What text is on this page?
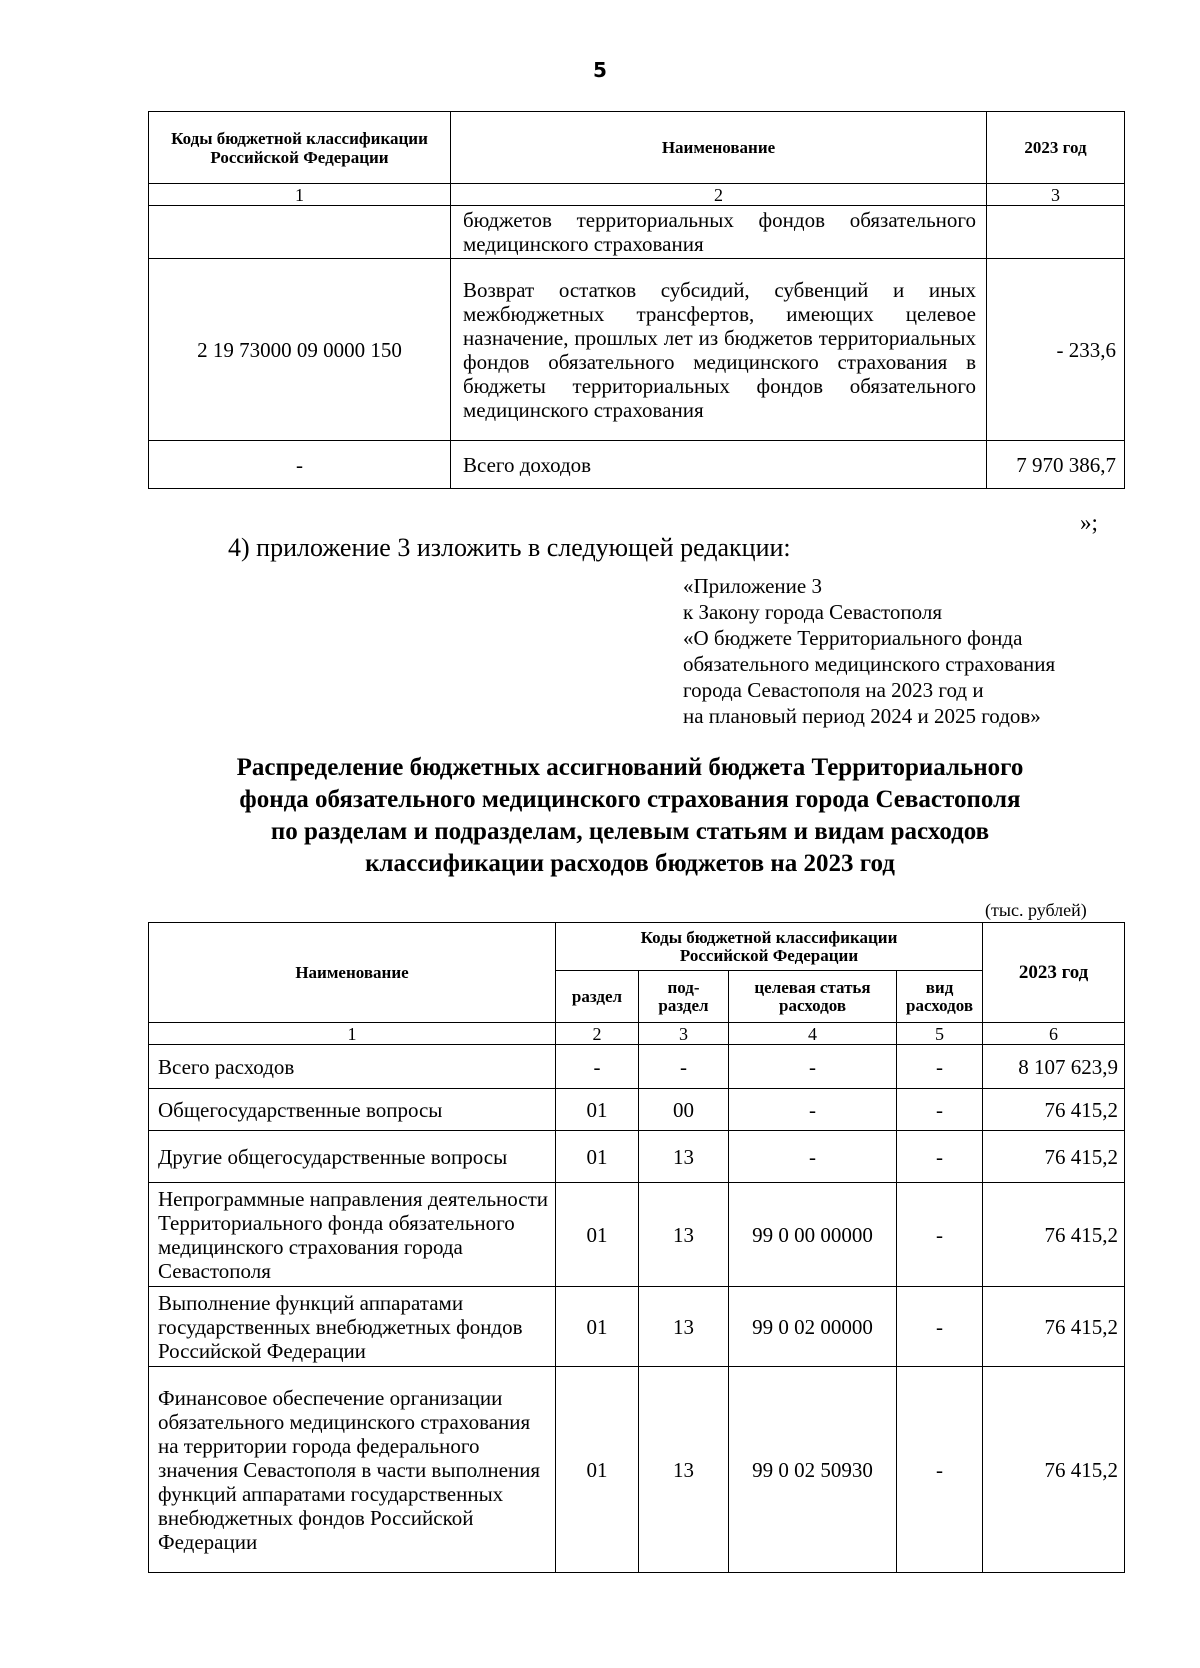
5
Коды бюджетной классификации Российской Федерации	Наименование	2023 год
1	2	3
	бюджетов территориальных фондов обязательного медицинского страхования	
2 19 73000 09 0000 150	Возврат остатков субсидий, субвенций и иных межбюджетных трансфертов, имеющих целевое назначение, прошлых лет из бюджетов территориальных фондов обязательного медицинского страхования в бюджеты территориальных фондов обязательного медицинского страхования	- 233,6
-	Всего доходов	7 970 386,7
»;
4) приложение 3 изложить в следующей редакции:
«Приложение 3
к Закону города Севастополя
«О бюджете Территориального фонда
обязательного медицинского страхования
города Севастополя на 2023 год и
на плановый период 2024 и 2025 годов»
Распределение бюджетных ассигнований бюджета Территориального
фонда обязательного медицинского страхования города Севастополя
по разделам и подразделам, целевым статьям и видам расходов
классификации расходов бюджетов на 2023 год
(тыс. рублей)
Наименование	Коды бюджетной классификации Российской Федерации				2023 год
	раздел	под-раздел	целевая статья расходов	вид расходов	
1	2	3	4	5	6
Всего расходов	-	-	-	-	8 107 623,9
Общегосударственные вопросы	01	00	-	-	76 415,2
Другие общегосударственные вопросы	01	13	-	-	76 415,2
Непрограммные направления деятельности Территориального фонда обязательного медицинского страхования города Севастополя	01	13	99 0 00 00000	-	76 415,2
Выполнение функций аппаратами государственных внебюджетных фондов Российской Федерации	01	13	99 0 02 00000	-	76 415,2
Финансовое обеспечение организации обязательного медицинского страхования на территории города федерального значения Севастополя в части выполнения функций аппаратами государственных внебюджетных фондов Российской Федерации	01	13	99 0 02 50930	-	76 415,2
